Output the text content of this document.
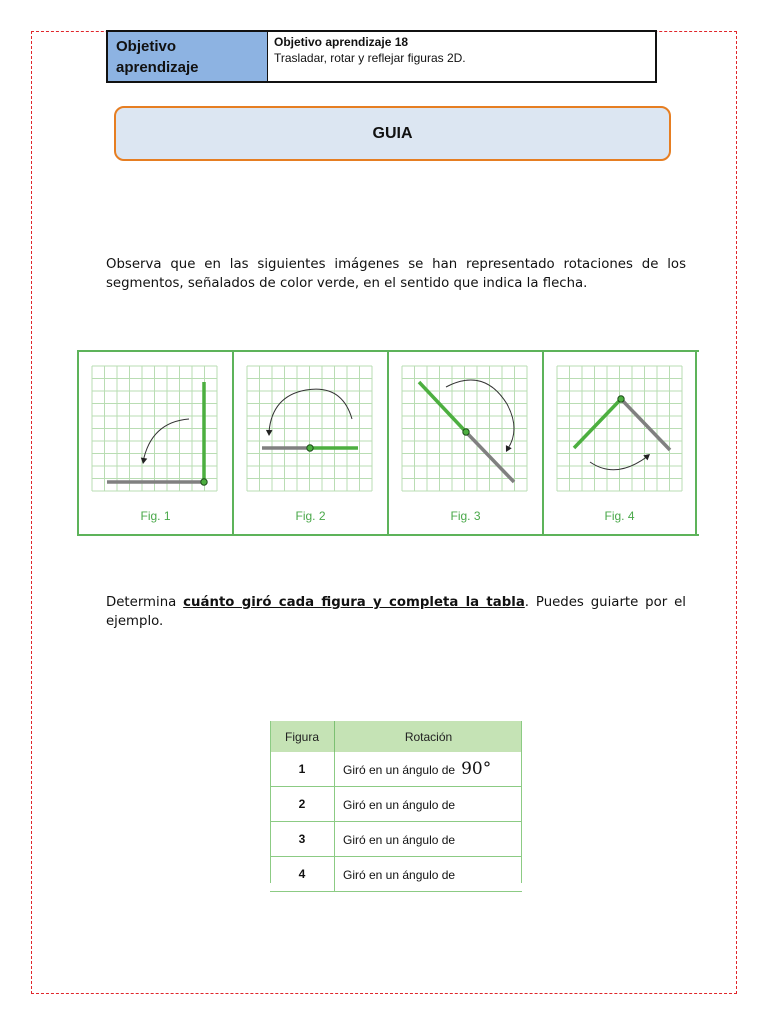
Objetivo aprendizaje
Objetivo aprendizaje 18
Trasladar, rotar y reflejar figuras 2D.
GUIA
Observa que en las siguientes imágenes se han representado rotaciones de los segmentos, señalados de color verde, en el sentido que indica la flecha.
Fig. 1	Fig. 2	Fig. 3	Fig. 4
Determina cuánto giró cada figura y completa la tabla. Puedes guiarte por el ejemplo.
Figura	Rotación
1	Giró en un ángulo de 90°
2	Giró en un ángulo de
3	Giró en un ángulo de
4	Giró en un ángulo de
